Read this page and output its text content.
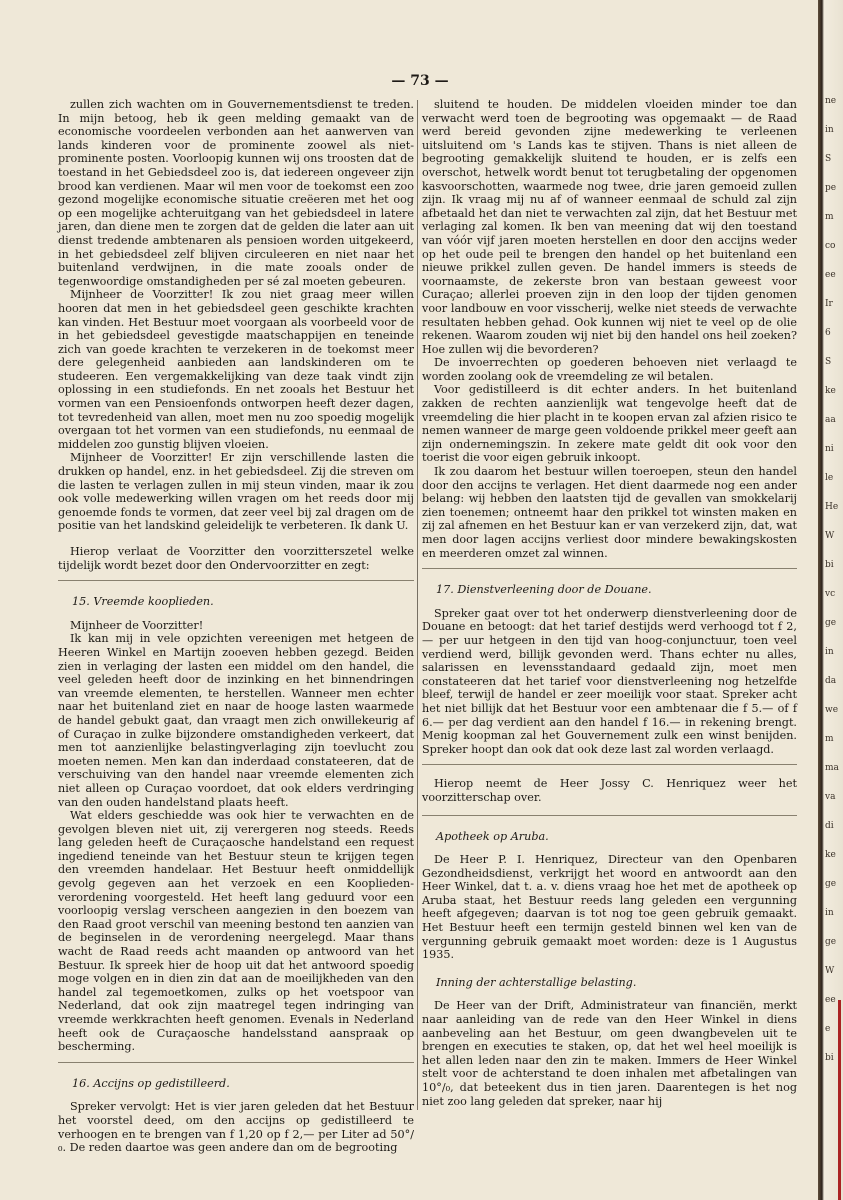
— 73 —

zullen zich wachten om in Gouvernementsdienst te treden. In mijn betoog, heb ik geen melding gemaakt van de economische voordeelen verbonden aan het aanwerven van lands kinderen voor de prominente zoowel als niet-prominente posten. Voorloopig kunnen wij ons troosten dat de toestand in het Gebiedsdeel zoo is, dat iedereen ongeveer zijn brood kan verdienen. Maar wil men voor de toekomst een zoo gezond mogelijke economische situatie creëeren met het oog op een mogelijke achteruitgang van het gebiedsdeel in latere jaren, dan diene men te zorgen dat de gelden die later aan uit dienst tredende ambtenaren als pensioen worden uitgekeerd, in het gebiedsdeel zelf blijven circuleeren en niet naar het buitenland verdwijnen, in die mate zooals onder de tegenwoordige omstandigheden per sé zal moeten gebeuren.

Mijnheer de Voorzitter! Ik zou niet graag meer willen hooren dat men in het gebiedsdeel geen geschikte krachten kan vinden. Het Bestuur moet voorgaan als voorbeeld voor de in het gebiedsdeel gevestigde maatschappijen en teneinde zich van goede krachten te verzekeren in de toekomst meer dere gelegenheid aanbieden aan landskinderen om te studeeren. Een vergemakkelijking van deze taak vindt zijn oplossing in een studiefonds. En net zooals het Bestuur het vormen van een Pensioenfonds ontworpen heeft dezer dagen, tot tevredenheid van allen, moet men nu zoo spoedig mogelijk overgaan tot het vormen van een studiefonds, nu eenmaal de middelen zoo gunstig blijven vloeien.

Mijnheer de Voorzitter! Er zijn verschillende lasten die drukken op handel, enz. in het gebiedsdeel. Zij die streven om die lasten te verlagen zullen in mij steun vinden, maar ik zou ook volle medewerking willen vragen om het reeds door mij genoemde fonds te vormen, dat zeer veel bij zal dragen om de positie van het landskind geleidelijk te verbeteren. Ik dank U.

Hierop verlaat de Voorzitter den voorzitterszetel welke tijdelijk wordt bezet door den Ondervoorzitter en zegt:

15. Vreemde kooplieden.

Mijnheer de Voorzitter!

Ik kan mij in vele opzichten vereenigen met hetgeen de Heeren Winkel en Martijn zooeven hebben gezegd. Beiden zien in verlaging der lasten een middel om den handel, die veel geleden heeft door de inzinking en het binnendringen van vreemde elementen, te herstellen. Wanneer men echter naar het buitenland ziet en naar de hooge lasten waarmede de handel gebukt gaat, dan vraagt men zich onwillekeurig af of Curaçao in zulke bijzondere omstandigheden verkeert, dat men tot aanzienlijke belastingverlaging zijn toevlucht zou moeten nemen. Men kan dan inderdaad constateeren, dat de verschuiving van den handel naar vreemde elementen zich niet alleen op Curaçao voordoet, dat ook elders verdringing van den ouden handelstand plaats heeft.

Wat elders geschiedde was ook hier te verwachten en de gevolgen bleven niet uit, zij verergeren nog steeds. Reeds lang geleden heeft de Curaçaosche handelstand een request ingediend teneinde van het Bestuur steun te krijgen tegen den vreemden handelaar. Het Bestuur heeft onmiddellijk gevolg gegeven aan het verzoek en een Kooplieden-verordening voorgesteld. Het heeft lang geduurd voor een voorloopig verslag verscheen aangezien in den boezem van den Raad groot verschil van meening bestond ten aanzien van de beginselen in de verordening neergelegd. Maar thans wacht de Raad reeds acht maanden op antwoord van het Bestuur. Ik spreek hier de hoop uit dat het antwoord spoedig moge volgen en in dien zin dat aan de moeilijkheden van den handel zal tegemoetkomen, zulks op het voetspoor van Nederland, dat ook zijn maatregel tegen indringing van vreemde werkkrachten heeft genomen. Evenals in Nederland heeft ook de Curaçaosche handelsstand aanspraak op bescherming.

16. Accijns op gedistilleerd.

Spreker vervolgt: Het is vier jaren geleden dat het Bestuur het voorstel deed, om den accijns op gedistilleerd te verhoogen en te brengen van f 1,20 op f 2,— per Liter ad 50°/₀. De reden daartoe was geen andere dan om de begrooting

sluitend te houden. De middelen vloeiden minder toe dan verwacht werd toen de begrooting was opgemaakt — de Raad werd bereid gevonden zijne medewerking te verleenen uitsluitend om 's Lands kas te stijven. Thans is niet alleen de begrooting gemakkelijk sluitend te houden, er is zelfs een overschot, hetwelk wordt benut tot terugbetaling der opgenomen kasvoorschotten, waarmede nog twee, drie jaren gemoeid zullen zijn. Ik vraag mij nu af of wanneer eenmaal de schuld zal zijn afbetaald het dan niet te verwachten zal zijn, dat het Bestuur met verlaging zal komen. Ik ben van meening dat wij den toestand van vóór vijf jaren moeten herstellen en door den accijns weder op het oude peil te brengen den handel op het buitenland een nieuwe prikkel zullen geven. De handel immers is steeds de voornaamste, de zekerste bron van bestaan geweest voor Curaçao; allerlei proeven zijn in den loop der tijden genomen voor landbouw en voor visscherij, welke niet steeds de verwachte resultaten hebben gehad. Ook kunnen wij niet te veel op de olie rekenen. Waarom zouden wij niet bij den handel ons heil zoeken? Hoe zullen wij die bevorderen?

De invoerrechten op goederen behoeven niet verlaagd te worden zoolang ook de vreemdeling ze wil betalen.

Voor gedistilleerd is dit echter anders. In het buitenland zakken de rechten aanzienlijk wat tengevolge heeft dat de vreemdeling die hier placht in te koopen ervan zal afzien risico te nemen wanneer de marge geen voldoende prikkel meer geeft aan zijn ondernemingszin. In zekere mate geldt dit ook voor den toerist die voor eigen gebruik inkoopt.

Ik zou daarom het bestuur willen toeroepen, steun den handel door den accijns te verlagen. Het dient daarmede nog een ander belang: wij hebben den laatsten tijd de gevallen van smokkelarij zien toenemen; ontneemt haar den prikkel tot winsten maken en zij zal afnemen en het Bestuur kan er van verzekerd zijn, dat, wat men door lagen accijns verliest door mindere bewakingskosten en meerderen omzet zal winnen.

17. Dienstverleening door de Douane.

Spreker gaat over tot het onderwerp dienstverleening door de Douane en betoogt: dat het tarief destijds werd verhoogd tot f 2,— per uur hetgeen in den tijd van hoog-conjunctuur, toen veel verdiend werd, billijk gevonden werd. Thans echter nu alles, salarissen en levensstandaard gedaald zijn, moet men constateeren dat het tarief voor dienstverleening nog hetzelfde bleef, terwijl de handel er zeer moeilijk voor staat. Spreker acht het niet billijk dat het Bestuur voor een ambtenaar die f 5.— of f 6.— per dag verdient aan den handel f 16.— in rekening brengt. Menig koopman zal het Gouvernement zulk een winst benijden. Spreker hoopt dan ook dat ook deze last zal worden verlaagd.

Hierop neemt de Heer Jossy C. Henriquez weer het voorzitterschap over.

Apotheek op Aruba.

De Heer P. I. Henriquez, Directeur van den Openbaren Gezondheidsdienst, verkrijgt het woord en antwoordt aan den Heer Winkel, dat t. a. v. diens vraag hoe het met de apotheek op Aruba staat, het Bestuur reeds lang geleden een vergunning heeft afgegeven; daarvan is tot nog toe geen gebruik gemaakt. Het Bestuur heeft een termijn gesteld binnen wel ken van de vergunning gebruik gemaakt moet worden: deze is 1 Augustus 1935.

Inning der achterstallige belasting.

De Heer van der Drift, Administrateur van financiën, merkt naar aanleiding van de rede van den Heer Winkel in diens aanbeveling aan het Bestuur, om geen dwangbevelen uit te brengen en executies te staken, op, dat het wel heel moeilijk is het allen leden naar den zin te maken. Immers de Heer Winkel stelt voor de achterstand te doen inhalen met afbetalingen van 10°/₀, dat beteekent dus in tien jaren. Daarentegen is het nog niet zoo lang geleden dat spreker, naar hij

ne
in
S
pe
m
co
ee
Ir
6
S
ke
aa
ni
le
He
W
bi
vc
ge
in
da
we
m
ma
va
di
ke
ge
in
ge
W
ee
e
bi
